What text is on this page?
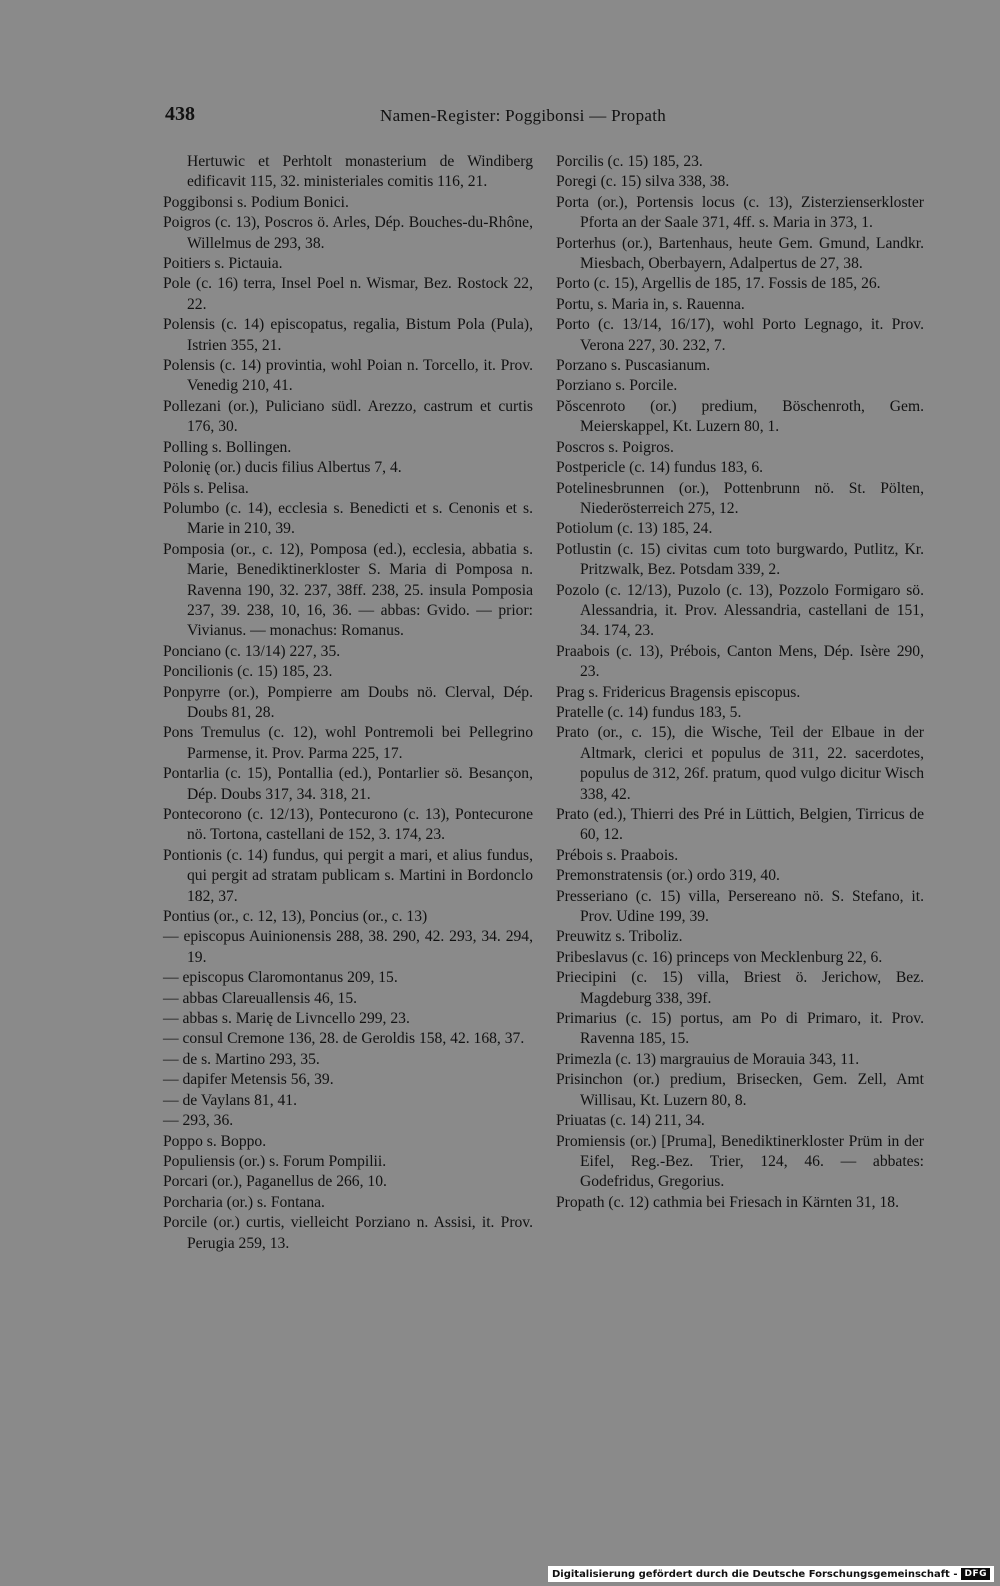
438	Namen-Register: Poggibonsi — Propath

Hertuwic et Perhtolt monasterium de Windiberg edificavit 115, 32. ministeriales comitis 116, 21.

Poggibonsi s. Podium Bonici.

Poigros (c. 13), Poscros ö. Arles, Dép. Bouches-du-Rhône, Willelmus de 293, 38.

Poitiers s. Pictauia.

Pole (c. 16) terra, Insel Poel n. Wismar, Bez. Rostock 22, 22.

Polensis (c. 14) episcopatus, regalia, Bistum Pola (Pula), Istrien 355, 21.

Polensis (c. 14) provintia, wohl Poian n. Torcello, it. Prov. Venedig 210, 41.

Pollezani (or.), Puliciano südl. Arezzo, castrum et curtis 176, 30.

Polling s. Bollingen.

Polonię (or.) ducis filius Albertus 7, 4.

Pöls s. Pelisa.

Polumbo (c. 14), ecclesia s. Benedicti et s. Cenonis et s. Marie in 210, 39.

Pomposia (or., c. 12), Pomposa (ed.), ecclesia, abbatia s. Marie, Benediktinerkloster S. Maria di Pomposa n. Ravenna 190, 32. 237, 38ff. 238, 25. insula Pomposia 237, 39. 238, 10, 16, 36. — abbas: Gvido. — prior: Vivianus. — monachus: Romanus.

Ponciano (c. 13/14) 227, 35.

Poncilionis (c. 15) 185, 23.

Ponpyrre (or.), Pompierre am Doubs nö. Clerval, Dép. Doubs 81, 28.

Pons Tremulus (c. 12), wohl Pontremoli bei Pellegrino Parmense, it. Prov. Parma 225, 17.

Pontarlia (c. 15), Pontallia (ed.), Pontarlier sö. Besançon, Dép. Doubs 317, 34. 318, 21.

Pontecorono (c. 12/13), Pontecurono (c. 13), Pontecurone nö. Tortona, castellani de 152, 3. 174, 23.

Pontionis (c. 14) fundus, qui pergit a mari, et alius fundus, qui pergit ad stratam publicam s. Martini in Bordonclo 182, 37.

Pontius (or., c. 12, 13), Poncius (or., c. 13)

— episcopus Auinionensis 288, 38. 290, 42. 293, 34. 294, 19.

— episcopus Claromontanus 209, 15.

— abbas Clareuallensis 46, 15.

— abbas s. Marię de Livncello 299, 23.

— consul Cremone 136, 28. de Geroldis 158, 42. 168, 37.

— de s. Martino 293, 35.

— dapifer Metensis 56, 39.

— de Vaylans 81, 41.

— 293, 36.

Poppo s. Boppo.

Populiensis (or.) s. Forum Pompilii.

Porcari (or.), Paganellus de 266, 10.

Porcharia (or.) s. Fontana.

Porcile (or.) curtis, vielleicht Porziano n. Assisi, it. Prov. Perugia 259, 13.

Porcilis (c. 15) 185, 23.

Poregi (c. 15) silva 338, 38.

Porta (or.), Portensis locus (c. 13), Zisterzienserkloster Pforta an der Saale 371, 4ff. s. Maria in 373, 1.

Porterhus (or.), Bartenhaus, heute Gem. Gmund, Landkr. Miesbach, Oberbayern, Adalpertus de 27, 38.

Porto (c. 15), Argellis de 185, 17. Fossis de 185, 26.

Portu, s. Maria in, s. Rauenna.

Porto (c. 13/14, 16/17), wohl Porto Legnago, it. Prov. Verona 227, 30. 232, 7.

Porzano s. Puscasianum.

Porziano s. Porcile.

Pŏscenroto (or.) predium, Böschenroth, Gem. Meierskappel, Kt. Luzern 80, 1.

Poscros s. Poigros.

Postpericle (c. 14) fundus 183, 6.

Potelinesbrunnen (or.), Pottenbrunn nö. St. Pölten, Niederösterreich 275, 12.

Potiolum (c. 13) 185, 24.

Potlustin (c. 15) civitas cum toto burgwardo, Putlitz, Kr. Pritzwalk, Bez. Potsdam 339, 2.

Pozolo (c. 12/13), Puzolo (c. 13), Pozzolo Formigaro sö. Alessandria, it. Prov. Alessandria, castellani de 151, 34. 174, 23.

Praabois (c. 13), Prébois, Canton Mens, Dép. Isère 290, 23.

Prag s. Fridericus Bragensis episcopus.

Pratelle (c. 14) fundus 183, 5.

Prato (or., c. 15), die Wische, Teil der Elbaue in der Altmark, clerici et populus de 311, 22. sacerdotes, populus de 312, 26f. pratum, quod vulgo dicitur Wisch 338, 42.

Prato (ed.), Thierri des Pré in Lüttich, Belgien, Tirricus de 60, 12.

Prébois s. Praabois.

Premonstratensis (or.) ordo 319, 40.

Presseriano (c. 15) villa, Persereano nö. S. Stefano, it. Prov. Udine 199, 39.

Preuwitz s. Triboliz.

Pribeslavus (c. 16) princeps von Mecklenburg 22, 6.

Priecipini (c. 15) villa, Briest ö. Jerichow, Bez. Magdeburg 338, 39f.

Primarius (c. 15) portus, am Po di Primaro, it. Prov. Ravenna 185, 15.

Primezla (c. 13) margrauius de Morauia 343, 11.

Prisinchon (or.) predium, Brisecken, Gem. Zell, Amt Willisau, Kt. Luzern 80, 8.

Priuatas (c. 14) 211, 34.

Promiensis (or.) [Pruma], Benediktinerkloster Prüm in der Eifel, Reg.-Bez. Trier, 124, 46. — abbates: Godefridus, Gregorius.

Propath (c. 12) cathmia bei Friesach in Kärnten 31, 18.

Digitalisierung gefördert durch die Deutsche Forschungsgemeinschaft - DFG
